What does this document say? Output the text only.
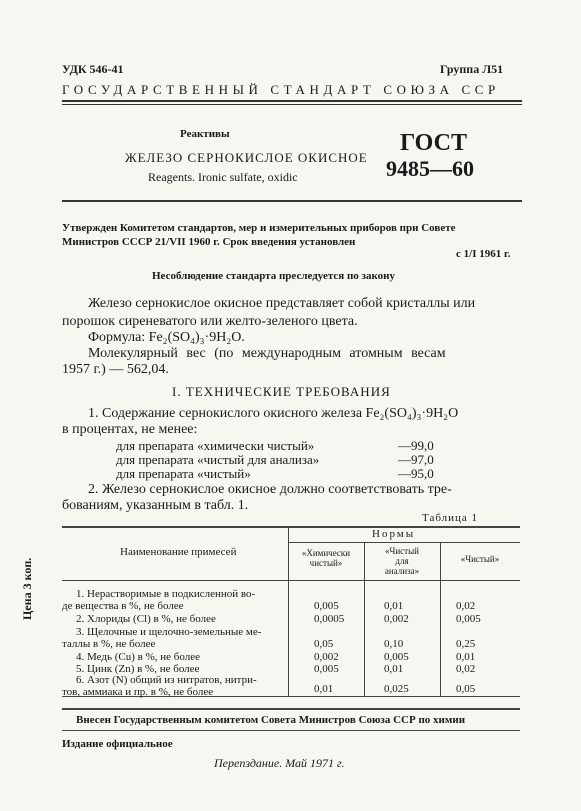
УДК 546-41	Группа Л51
ГОСУДАРСТВЕННЫЙ СТАНДАРТ СОЮЗА ССР
Реактивы
ЖЕЛЕЗО СЕРНОКИСЛОЕ ОКИСНОЕ
Reagents. Ironic sulfate, oxidic
ГОСТ
9485—60
Утвержден Комитетом стандартов, мер и измерительных приборов при Совете
Министров СССР 21/VII 1960 г. Срок введения установлен
с 1/I 1961 г.
Несоблюдение стандарта преследуется по закону
Железо сернокислое окисное представляет собой кристаллы или
порошок сиреневатого или желто-зеленого цвета.
Формула: Fe₂(SO₄)₃·9H₂O.
Молекулярный вес (по международным атомным весам
1957 г.) — 562,04.
I. ТЕХНИЧЕСКИЕ ТРЕБОВАНИЯ
1. Содержание сернокислого окисного железа Fe₂(SO₄)₃·9H₂O
в процентах, не менее:
для препарата «химически чистый»	—99,0
для препарата «чистый для анализа»	—97,0
для препарата «чистый»	—95,0
2. Железо сернокислое окисное должно соответствовать тре-
бованиям, указанным в табл. 1.
Таблица 1
Наименование примесей
Нормы
«Химически
чистый»
«Чистый
для
анализа»
«Чистый»
1. Нерастворимые в подкисленной во-
де вещества в %, не более	0,005	0,01	0,02
2. Хлориды (Cl) в %, не более	0,0005	0,002	0,005
3. Щелочные и щелочно-земельные ме-
таллы в %, не более	0,05	0,10	0,25
4. Медь (Cu) в %, не более	0,002	0,005	0,01
5. Цинк (Zn) в %, не более	0,005	0,01	0,02
6. Азот (N) общий из нитратов, нитри-
тов, аммиака и пр. в %, не более	0,01	0,025	0,05
Внесен Государственным комитетом Совета Министров Союза ССР по химии
Издание официальное
Перепздание. Май 1971 г.
Цена 3 коп.
